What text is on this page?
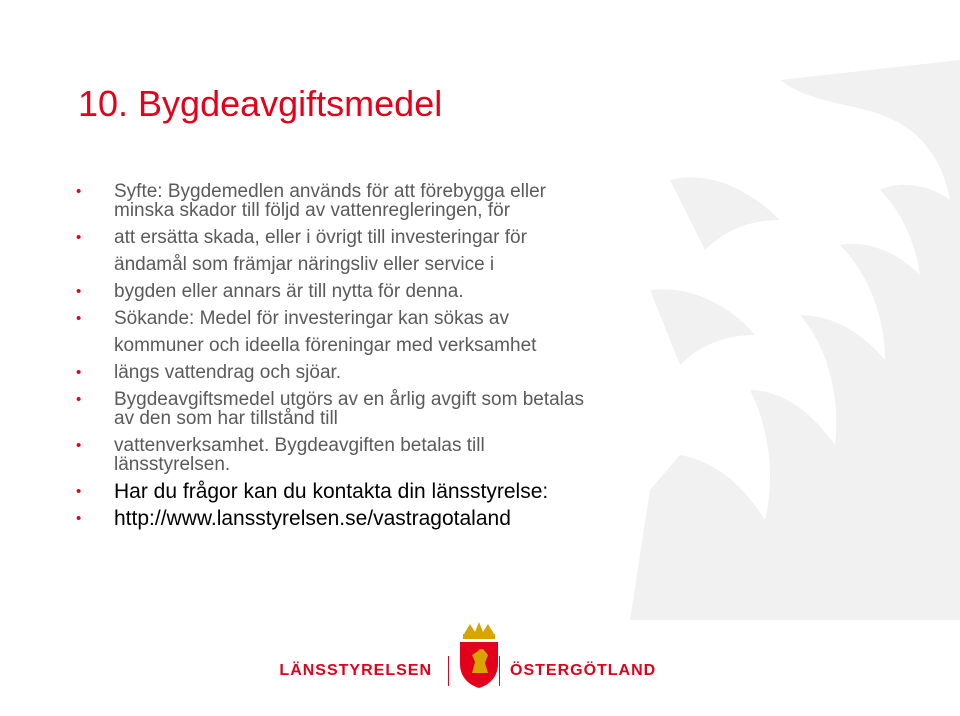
10. Bygdeavgiftsmedel
• Syfte: Bygdemedlen används för att förebygga eller
minska skador till följd av vattenregleringen, för
• att ersätta skada, eller i övrigt till investeringar för
ändamål som främjar näringsliv eller service i
• bygden eller annars är till nytta för denna.
• Sökande: Medel för investeringar kan sökas av
kommuner och ideella föreningar med verksamhet
• längs vattendrag och sjöar.
• Bygdeavgiftsmedel utgörs av en årlig avgift som betalas
av den som har tillstånd till
• vattenverksamhet. Bygdeavgiften betalas till
länsstyrelsen.
• Har du frågor kan du kontakta din länsstyrelse:
• http://www.lansstyrelsen.se/vastragotaland
LÄNSSTYRELSEN	ÖSTERGÖTLAND
